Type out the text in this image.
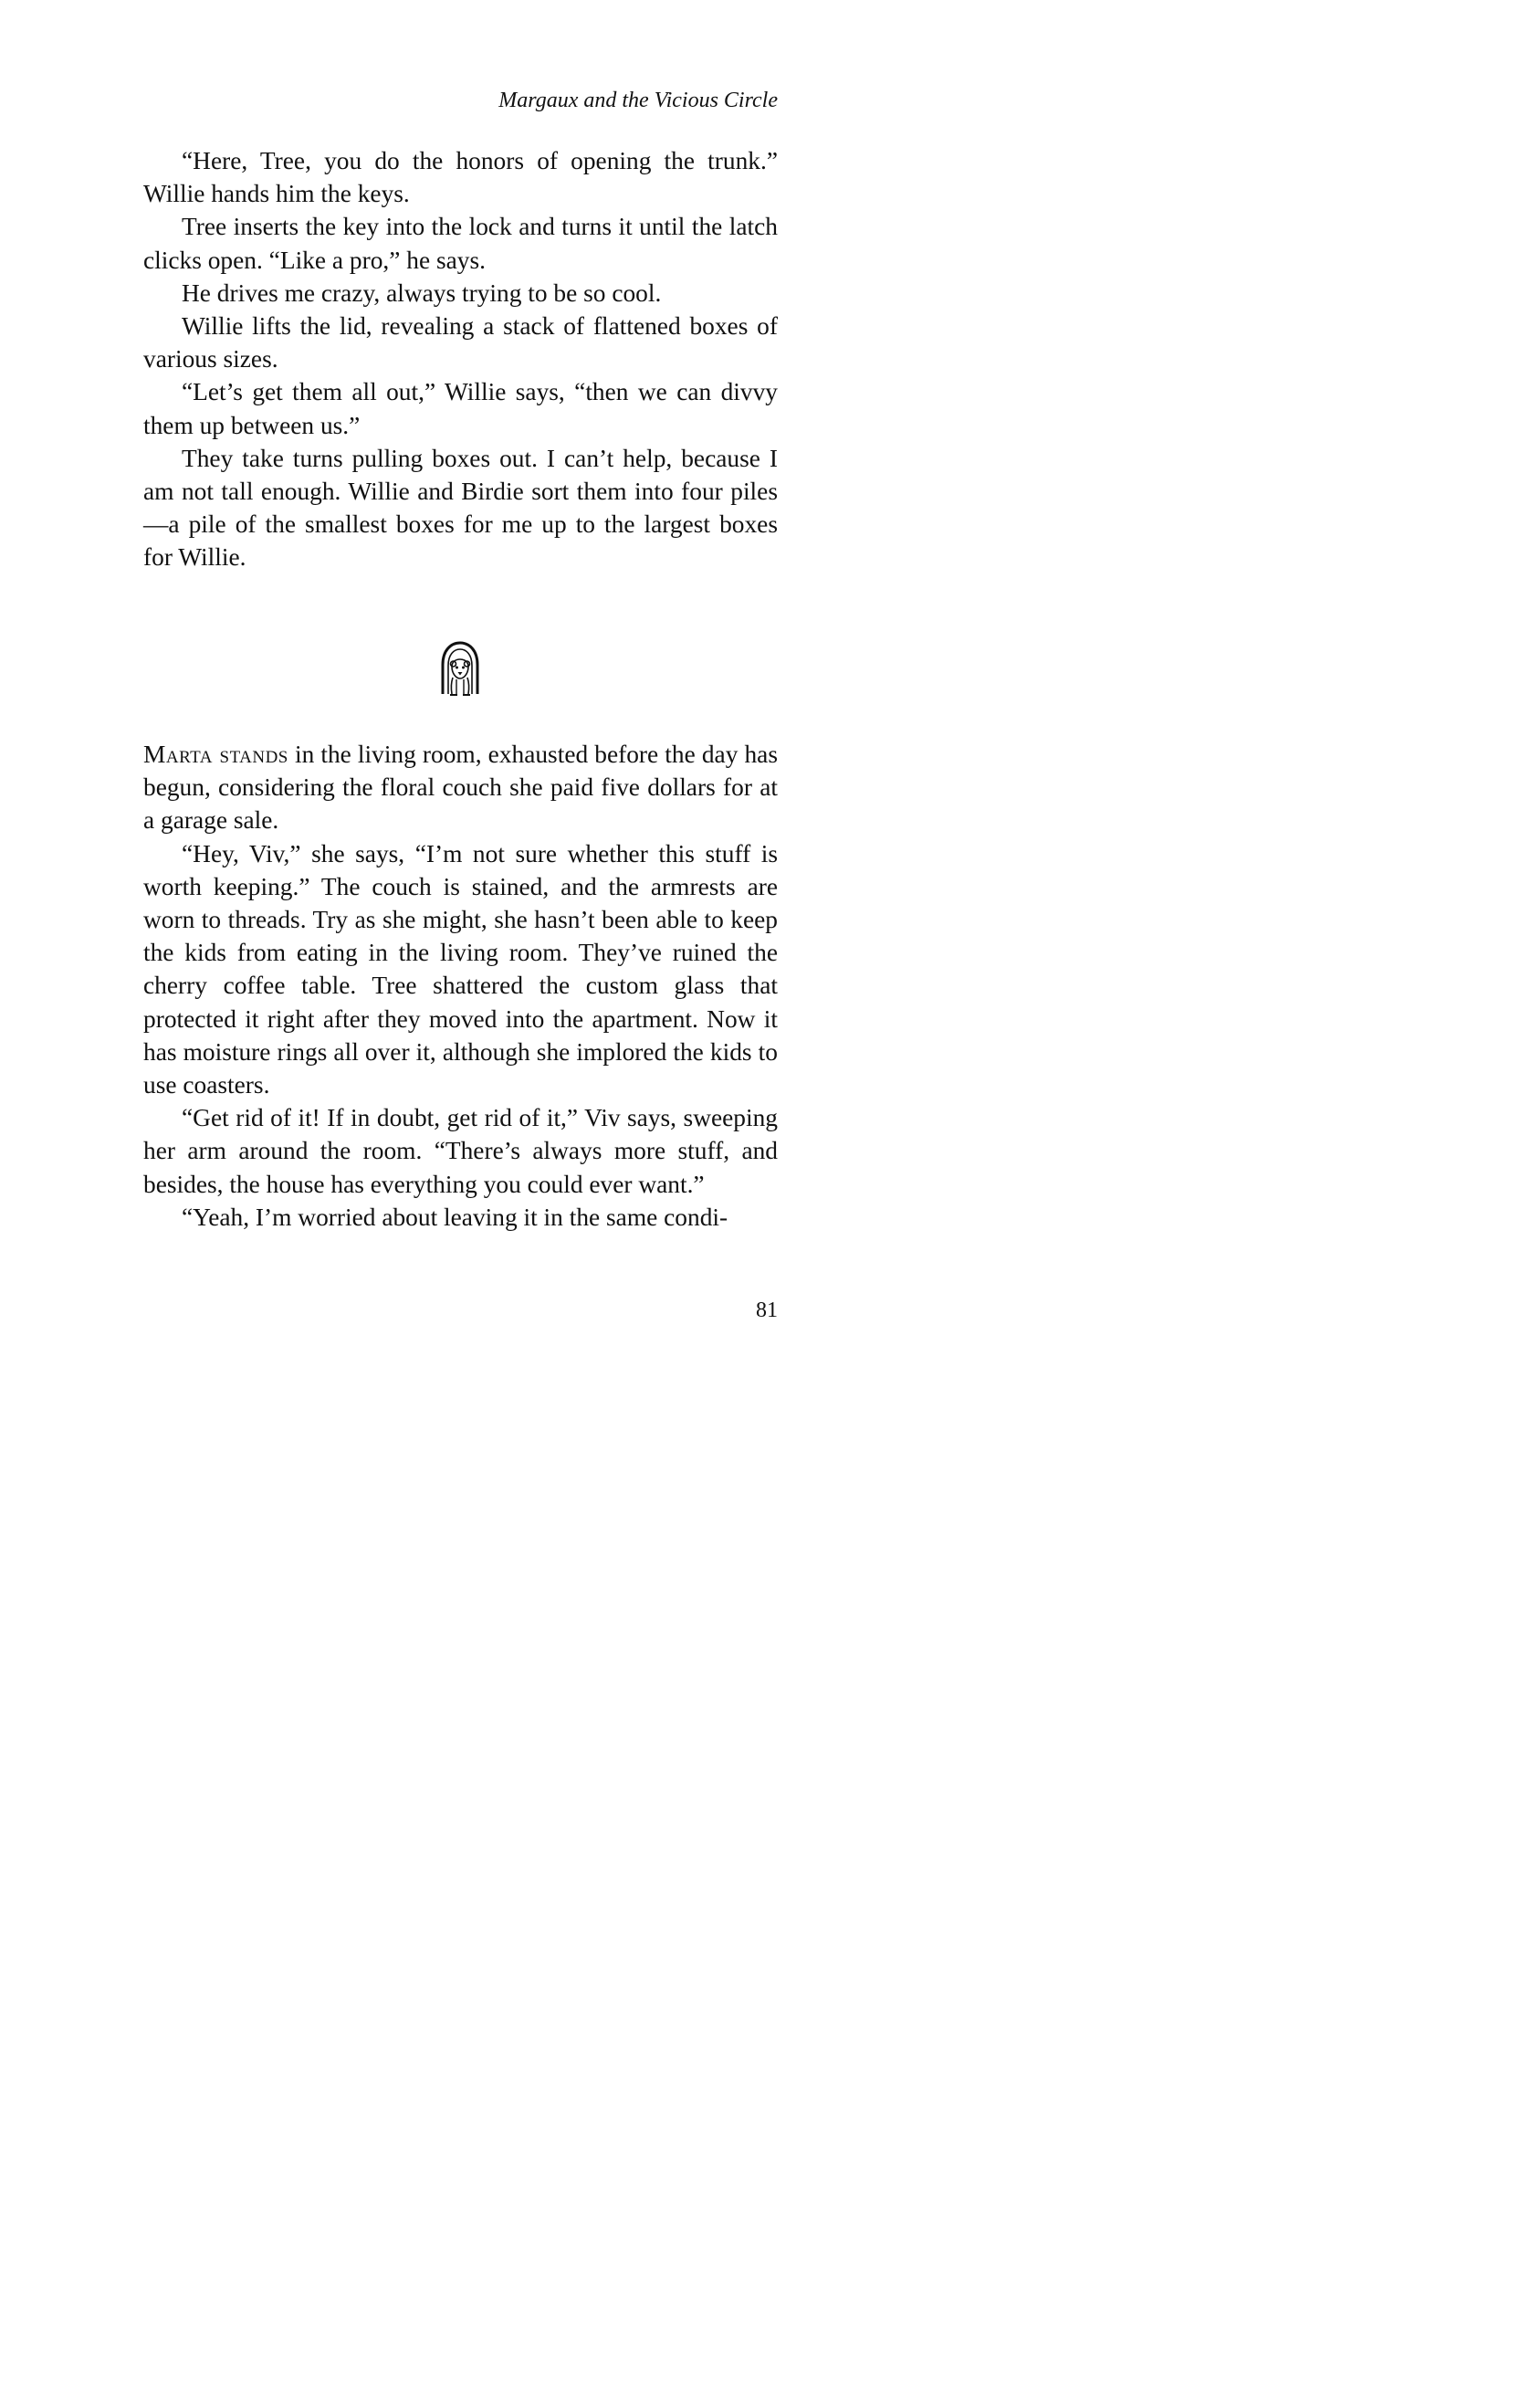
Margaux and the Vicious Circle

“Here, Tree, you do the honors of opening the trunk.” Willie hands him the keys.

Tree inserts the key into the lock and turns it until the latch clicks open. “Like a pro,” he says.

He drives me crazy, always trying to be so cool.

Willie lifts the lid, revealing a stack of flattened boxes of various sizes.

“Let’s get them all out,” Willie says, “then we can divvy them up between us.”

They take turns pulling boxes out. I can’t help, because I am not tall enough. Willie and Birdie sort them into four piles—a pile of the smallest boxes for me up to the largest boxes for Willie.

Marta stands in the living room, exhausted before the day has begun, considering the floral couch she paid five dollars for at a garage sale.

“Hey, Viv,” she says, “I’m not sure whether this stuff is worth keeping.” The couch is stained, and the armrests are worn to threads. Try as she might, she hasn’t been able to keep the kids from eating in the living room. They’ve ruined the cherry coffee table. Tree shattered the custom glass that protected it right after they moved into the apartment. Now it has moisture rings all over it, although she implored the kids to use coasters.

“Get rid of it! If in doubt, get rid of it,” Viv says, sweeping her arm around the room. “There’s always more stuff, and besides, the house has everything you could ever want.”

“Yeah, I’m worried about leaving it in the same condi-

81
